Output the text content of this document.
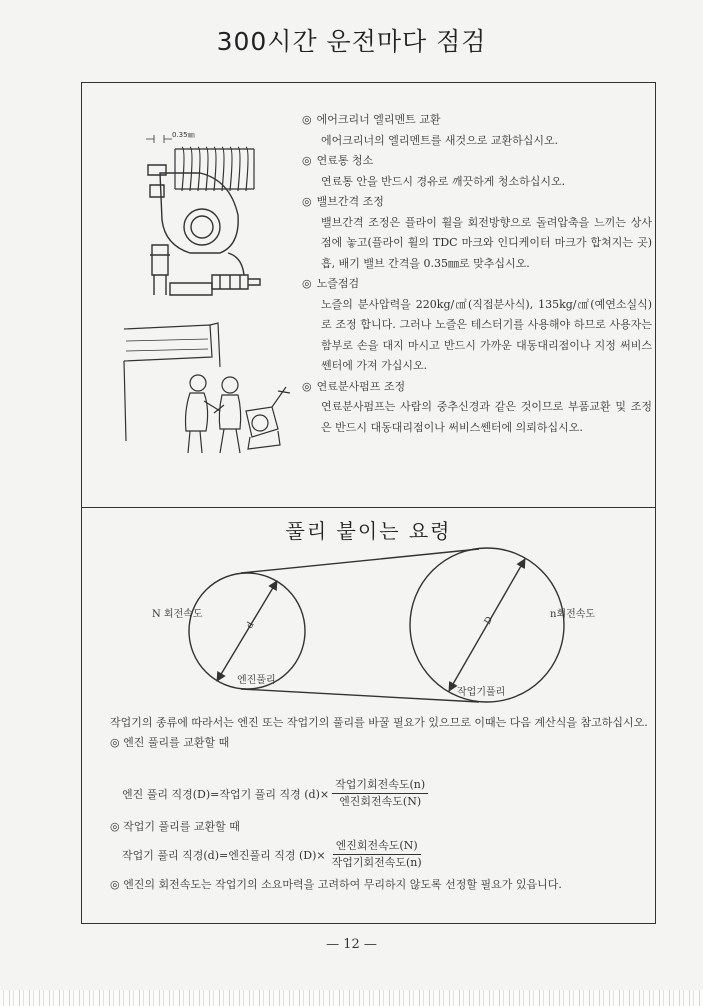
300시간 운전마다 점검
0.35㎜

◎ 에어크리너 엘리멘트 교환

에어크리너의 엘리멘트를 새것으로 교환하십시오.

◎ 연료통 청소

연료통 안을 반드시 경유로 깨끗하게 청소하십시오.

◎ 밸브간격 조정

밸브간격 조정은 플라이 휠을 회전방향으로 돌려압축을 느끼는 상사점에 놓고(플라이 휠의 TDC 마크와 인디케이터 마크가 합쳐지는 곳) 흡, 배기 밸브 간격을 0.35㎜로 맞추십시오.

◎ 노즐점검

노즐의 분사압력을 220kg/㎠(직접분사식), 135kg/㎠(예연소실식)로 조정 합니다. 그러나 노즐은 테스터기를 사용해야 하므로 사용자는 함부로 손을 대지 마시고 반드시 가까운 대동대리점이나 지정 써비스쎈터에 가져 가십시오.

◎ 연료분사펌프 조정

연료분사펌프는 사람의 중추신경과 같은 것이므로 부품교환 및 조정은 반드시 대동대리점이나 써비스쎈터에 의뢰하십시오.

풀리 붙이는 요령
d	D
N 회전속도	n회전속도
엔진풀리
작업기풀리

작업기의 종류에 따라서는 엔진 또는 작업기의 풀리를 바꿀 필요가 있으므로 이때는 다음 계산식을 참고하십시오.

◎ 엔진 풀리를 교환할 때

엔진 풀리 직경(D)=작업기 풀리 직경 $(d)\times \frac{\text{작업기회전속도(n)}}{\text{엔진회전속도(N)}}$

◎ 작업기 풀리를 교환할 때

작업기 풀리 직경(d)=엔진풀리 직경 $(D)\times \frac{\text{엔진회전속도(N)}}{\text{작업기회전속도(n)}}$

◎ 엔진의 회전속도는 작업기의 소요마력을 고려하여 무리하지 않도록 선정할 필요가 있읍니다.

— 12 —
